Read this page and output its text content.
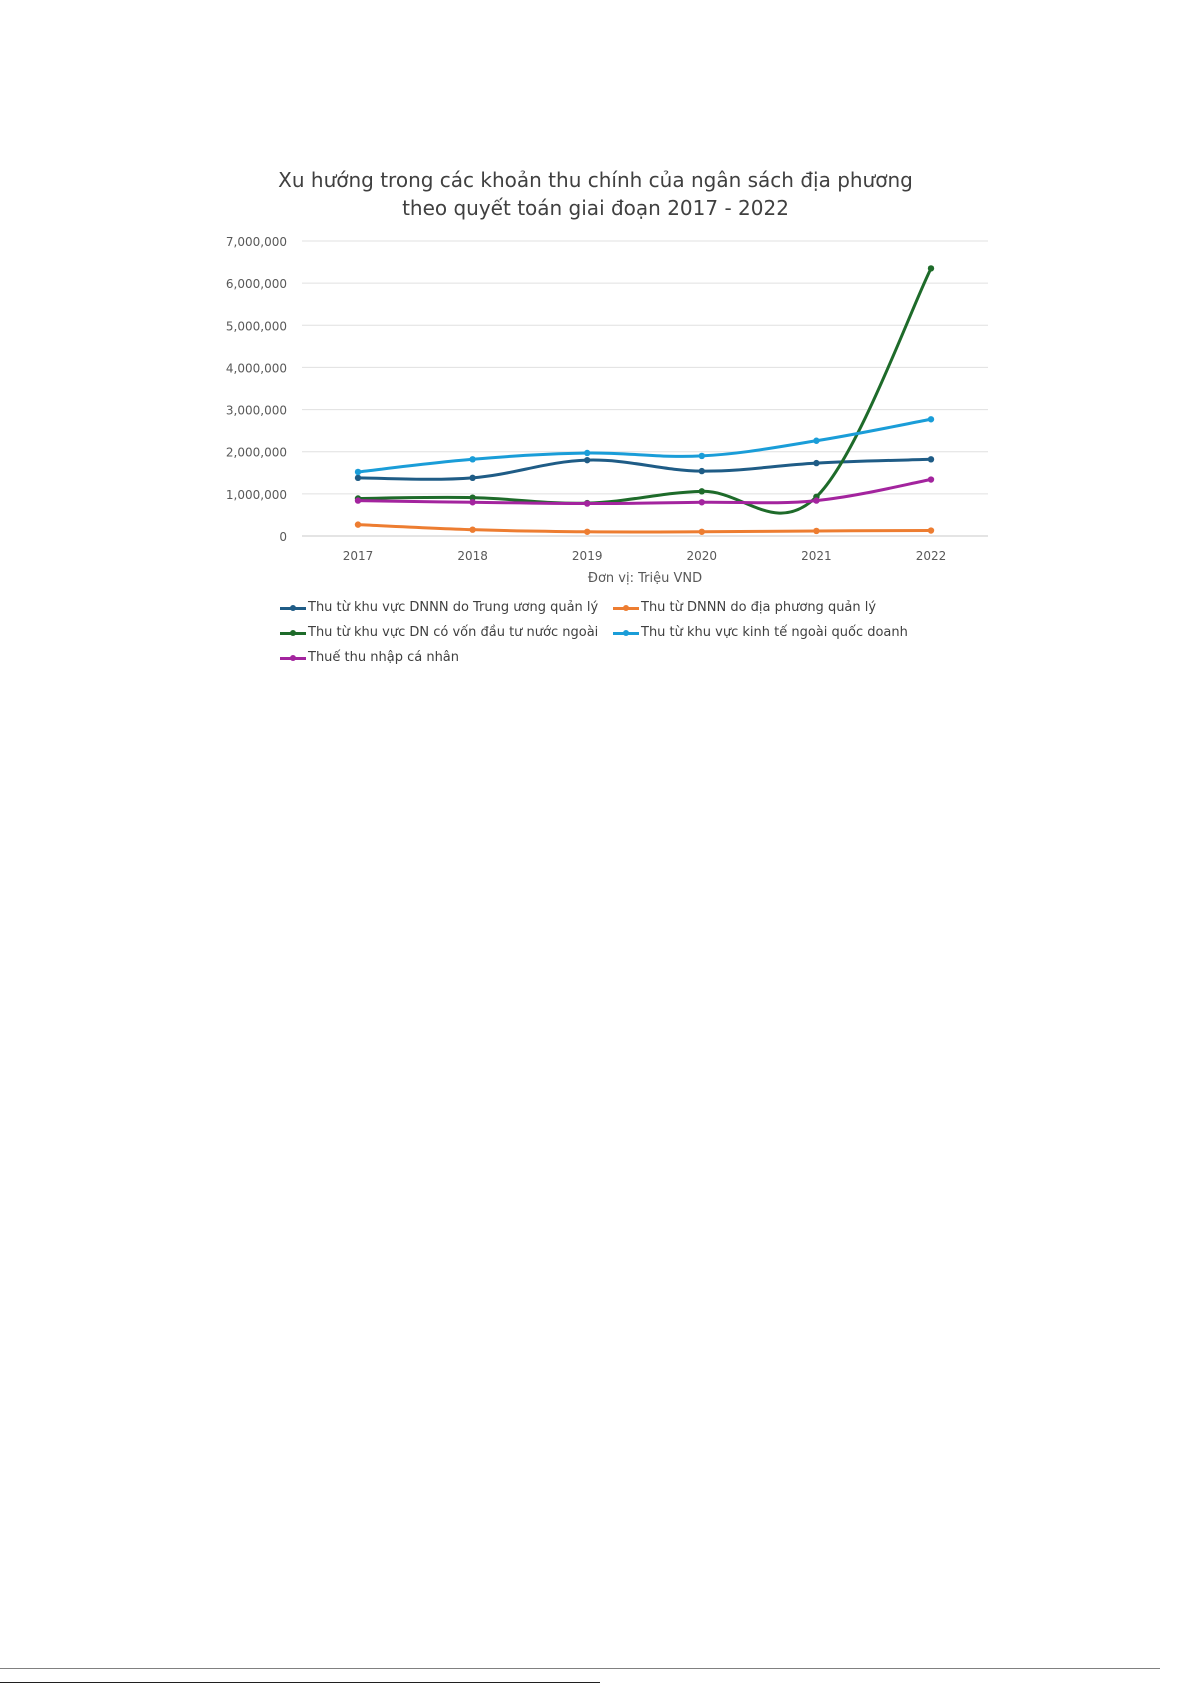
Xu hướng trong các khoản thu chính của ngân sách địa phương
theo quyết toán giai đoạn 2017 - 2022
0
1,000,000
2,000,000
3,000,000
4,000,000
5,000,000
6,000,000
7,000,000
2017	2018	2019	2020	2021	2022
Đơn vị: Triệu VND
Thu từ khu vực DNNN do Trung ương quản lý	Thu từ DNNN do địa phương quản lý
Thu từ khu vực DN có vốn đầu tư nước ngoài	Thu từ khu vực kinh tế ngoài quốc doanh
Thuế thu nhập cá nhân
